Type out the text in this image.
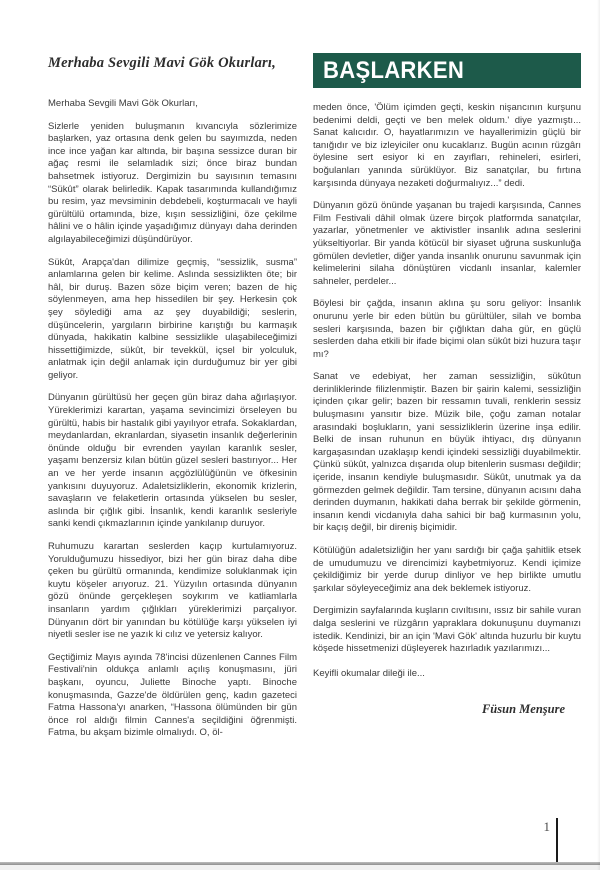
Merhaba Sevgili Mavi Gök Okurları,

Merhaba Sevgili Mavi Gök Okurları,

Sizlerle yeniden buluşmanın kıvancıyla sözlerimize başlarken, yaz ortasına denk gelen bu sayımızda, neden ince ince yağan kar altında, bir başına sessizce duran bir ağaç resmi ile selamladık sizi; önce biraz bundan bahsetmek istiyoruz. Dergimizin bu sayısının temasını “Sükût” olarak belirledik. Kapak tasarımında kullandığımız bu resim, yaz mevsiminin debdebeli, koşturmacalı ve hayli gürültülü ortamında, bize, kışın sessizliğini, öze çekilme hâlini ve o hâlin içinde yaşadığımız dünyayı daha derinden algılayabileceğimizi düşündürüyor.

Sükût, Arapça'dan dilimize geçmiş, “sessizlik, susma” anlamlarına gelen bir kelime. Aslında sessizlikten öte; bir hâl, bir duruş. Bazen söze biçim veren; bazen de hiç söylenmeyen, ama hep hissedilen bir şey. Herkesin çok şey söylediği ama az şey duyabildiği; seslerin, düşüncelerin, yargıların birbirine karıştığı bu karmaşık dünyada, hakikatin kalbine sessizlikle ulaşabileceğimizi hissettiğimizde, sükût, bir tevekkül, içsel bir yolculuk, anlatmak için değil anlamak için durduğumuz bir yer gibi geliyor.

Dünyanın gürültüsü her geçen gün biraz daha ağırlaşıyor. Yüreklerimizi karartan, yaşama sevincimizi örseleyen bu gürültü, habis bir hastalık gibi yayılıyor etrafa. Sokaklardan, meydanlardan, ekranlardan, siyasetin insanlık değerlerinin önünde olduğu bir evrenden yayılan karanlık sesler, yaşamı benzersiz kılan bütün güzel sesleri bastırıyor... Her an ve her yerde insanın açgözlülüğünün ve öfkesinin yankısını duyuyoruz. Adaletsizliklerin, ekonomik krizlerin, savaşların ve felaketlerin ortasında yükselen bu sesler, aslında bir çığlık gibi. İnsanlık, kendi karanlık sesleriyle sanki kendi çıkmazlarının içinde yankılanıp duruyor.

Ruhumuzu karartan seslerden kaçıp kurtulamıyoruz. Yorulduğumuzu hissediyor, bizi her gün biraz daha dibe çeken bu gürültü ormanında, kendimize soluklanmak için kuytu köşeler arıyoruz. 21. Yüzyılın ortasında dünyanın gözü önünde gerçekleşen soykırım ve katliamlarla insanların yardım çığlıkları yüreklerimizi parçalıyor. Dünyanın dört bir yanından bu kötülüğe karşı yükselen iyi niyetli sesler ise ne yazık ki cılız ve yetersiz kalıyor.

Geçtiğimiz Mayıs ayında 78'incisi düzenlenen Cannes Film Festivali'nin oldukça anlamlı açılış konuşmasını, jüri başkanı, oyuncu, Juliette Binoche yaptı. Binoche konuşmasında, Gazze'de öldürülen genç, kadın gazeteci Fatma Hassona'yı anarken, “Hassona ölümünden bir gün önce rol aldığı filmin Cannes'a seçildiğini öğrenmişti. Fatma, bu akşam bizimle olmalıydı. O, öl-

BAŞLARKEN

meden önce, 'Ölüm içimden geçti, keskin nişancının kurşunu bedenimi deldi, geçti ve ben melek oldum.' diye yazmıştı... Sanat kalıcıdır. O, hayatlarımızın ve hayallerimizin güçlü bir tanığıdır ve biz izleyiciler onu kucaklarız. Bugün acının rüzgârı öylesine sert esiyor ki en zayıfları, rehineleri, esirleri, boğulanları yanında sürüklüyor. Biz sanatçılar, bu fırtına karşısında dünyaya nezaketi doğurmalıyız...” dedi.

Dünyanın gözü önünde yaşanan bu trajedi karşısında, Cannes Film Festivali dâhil olmak üzere birçok platformda sanatçılar, yazarlar, yönetmenler ve aktivistler insanlık adına seslerini yükseltiyorlar. Bir yanda kötücül bir siyaset uğruna suskunluğa gömülen devletler, diğer yanda insanlık onurunu savunmak için kelimelerini silaha dönüştüren vicdanlı insanlar, kalemler sahneler, perdeler...

Böylesi bir çağda, insanın aklına şu soru geliyor: İnsanlık onurunu yerle bir eden bütün bu gürültüler, silah ve bomba sesleri karşısında, bazen bir çığlıktan daha gür, en güçlü seslerden daha etkili bir ifade biçimi olan sükût bizi huzura taşır mı?

Sanat ve edebiyat, her zaman sessizliğin, sükûtun derinliklerinde filizlenmiştir. Bazen bir şairin kalemi, sessizliğin içinden çıkar gelir; bazen bir ressamın tuvali, renklerin sessiz buluşmasını yansıtır bize. Müzik bile, çoğu zaman notalar arasındaki boşlukların, yani sessizliklerin üzerine inşa edilir. Belki de insan ruhunun en büyük ihtiyacı, dış dünyanın kargaşasından uzaklaşıp kendi içindeki sessizliği duyabilmektir. Çünkü sükût, yalnızca dışarıda olup bitenlerin susması değildir; içeride, insanın kendiyle buluşmasıdır. Sükût, unutmak ya da görmezden gelmek değildir. Tam tersine, dünyanın acısını daha derinden duymanın, hakikati daha berrak bir şekilde görmenin, insanın kendi vicdanıyla daha sahici bir bağ kurmasının yolu, bir kaçış değil, bir direniş biçimidir.

Kötülüğün adaletsizliğin her yanı sardığı bir çağa şahitlik etsek de umudumuzu ve direncimizi kaybetmiyoruz. Kendi içimize çekildiğimiz bir yerde durup dinliyor ve hep birlikte umutlu şarkılar söyleyeceğimiz ana dek beklemek istiyoruz.

Dergimizin sayfalarında kuşların cıvıltısını, ıssız bir sahile vuran dalga seslerini ve rüzgârın yapraklara dokunuşunu duymanızı istedik. Kendinizi, bir an için 'Mavi Gök' altında huzurlu bir kuytu köşede hissetmenizi düşleyerek hazırladık yazılarımızı...

Keyifli okumalar dileği ile...

Füsun Menşure
1
